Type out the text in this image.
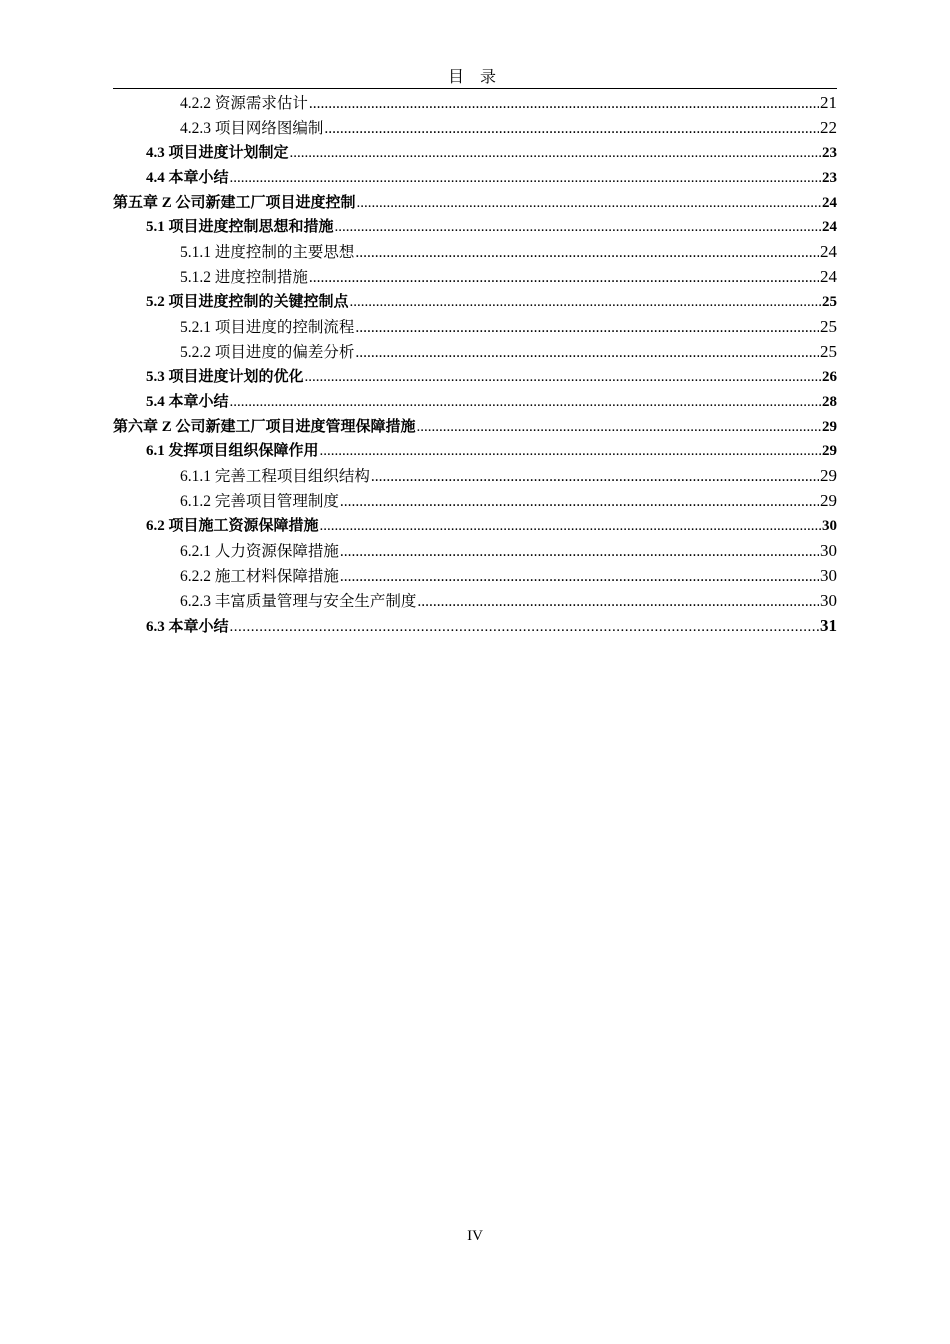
目 录
4.2.2 资源需求估计 .....	21
4.2.3 项目网络图编制 .....	22
4.3 项目进度计划制定 .....	23
4.4 本章小结 .....	23
第五章 Z 公司新建工厂项目进度控制 .....	24
5.1 项目进度控制思想和措施 .....	24
5.1.1 进度控制的主要思想 .....	24
5.1.2 进度控制措施 .....	24
5.2 项目进度控制的关键控制点 .....	25
5.2.1 项目进度的控制流程 .....	25
5.2.2 项目进度的偏差分析 .....	25
5.3 项目进度计划的优化 .....	26
5.4 本章小结 .....	28
第六章 Z 公司新建工厂项目进度管理保障措施 .....	29
6.1 发挥项目组织保障作用 .....	29
6.1.1 完善工程项目组织结构 .....	29
6.1.2 完善项目管理制度 .....	29
6.2 项目施工资源保障措施 .....	30
6.2.1 人力资源保障措施 .....	30
6.2.2 施工材料保障措施 .....	30
6.2.3 丰富质量管理与安全生产制度 .....	30
6.3 本章小结 .....	31
IV
